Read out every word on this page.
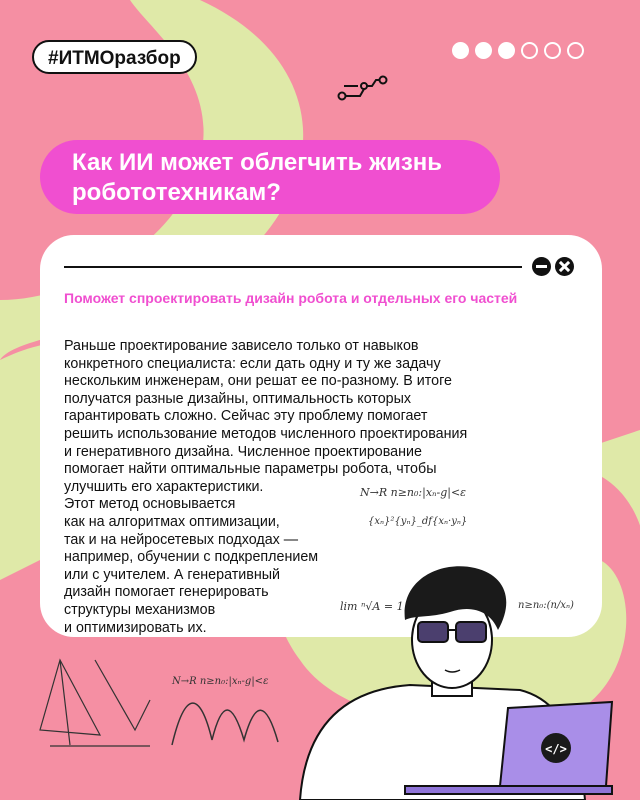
#ИТМОразбор
Как ИИ может облегчить жизнь робототехникам?

Поможет спроектировать дизайн робота и отдельных его частей

N→R n≥n₀:|xₙ-g|<ε
{xₙ}²{yₙ}_df{xₙ·yₙ}
lim ⁿ√A = 1	n≥n₀:(n/xₙ)
N→R n≥n₀:|xₙ-g|<ε
</>

Раньше проектирование зависело только от навыков
конкретного специалиста: если дать одну и ту же задачу
нескольким инженерам, они решат ее по-разному. В итоге
получатся разные дизайны, оптимальность которых
гарантировать сложно. Сейчас эту проблему помогает
решить использование методов численного проектирования
и генеративного дизайна. Численное проектирование
помогает найти оптимальные параметры робота, чтобы
улучшить его характеристики.
Этот метод основывается
как на алгоритмах оптимизации,
так и на нейросетевых подходах —
например, обучении с подкреплением
или с учителем. А генеративный
дизайн помогает генерировать
структуры механизмов
и оптимизировать их.
